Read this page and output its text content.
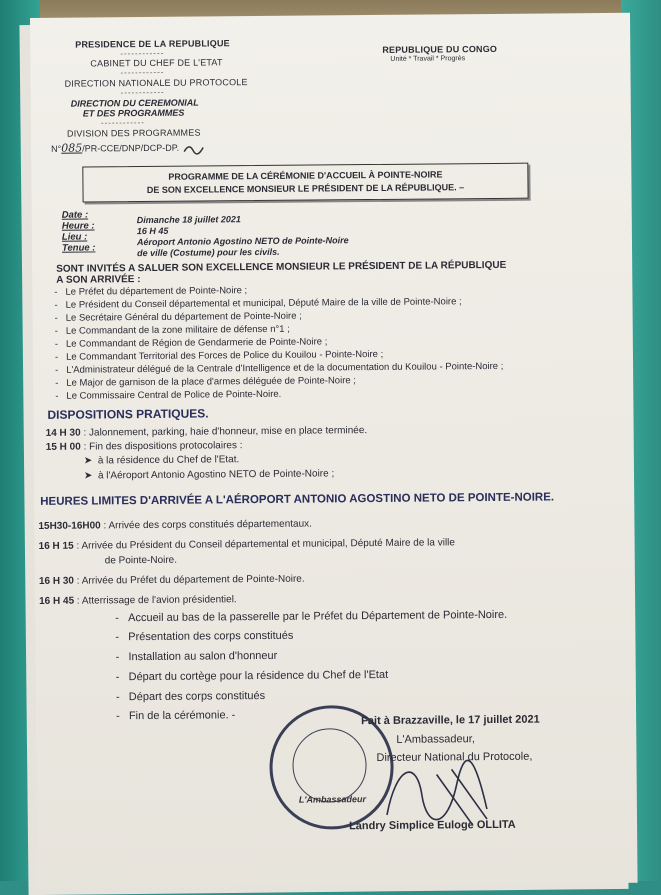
PRESIDENCE DE LA REPUBLIQUE
------------
CABINET DU CHEF DE L'ETAT
------------
DIRECTION NATIONALE DU PROTOCOLE
------------
DIRECTION DU CEREMONIAL
ET DES PROGRAMMES
------------
DIVISION DES PROGRAMMES
N°085/PR-CCE/DNP/DCP-DP.
REPUBLIQUE DU CONGO
Unité * Travail * Progrès
PROGRAMME DE LA CÉRÉMONIE D'ACCUEIL À POINTE-NOIRE
DE SON EXCELLENCE MONSIEUR LE PRÉSIDENT DE LA RÉPUBLIQUE. –
Date :	Dimanche 18 juillet 2021
Heure :	16 H 45
Lieu :	Aéroport Antonio Agostino NETO de Pointe-Noire
Tenue :	de ville (Costume) pour les civils.
SONT INVITÉS A SALUER SON EXCELLENCE MONSIEUR LE PRÉSIDENT DE LA RÉPUBLIQUE
A SON ARRIVÉE :
-   Le Préfet du département de Pointe-Noire ;
-   Le Président du Conseil départemental et municipal, Député Maire de la ville de Pointe-Noire ;
-   Le Secrétaire Général du département de Pointe-Noire ;
-   Le Commandant de la zone militaire de défense n°1 ;
-   Le Commandant de Région de Gendarmerie de Pointe-Noire ;
-   Le Commandant Territorial des Forces de Police du Kouilou - Pointe-Noire ;
-   L'Administrateur délégué de la Centrale d'Intelligence et de la documentation du Kouilou - Pointe-Noire ;
-   Le Major de garnison de la place d'armes déléguée de Pointe-Noire ;
-   Le Commissaire Central de Police de Pointe-Noire.
DISPOSITIONS PRATIQUES.
14 H 30 : Jalonnement, parking, haie d'honneur, mise en place terminée.
15 H 00 : Fin des dispositions protocolaires :
➤  à la résidence du Chef de l'Etat.
➤  à l'Aéroport Antonio Agostino NETO de Pointe-Noire ;
HEURES LIMITES D'ARRIVÉE A L'AÉROPORT ANTONIO AGOSTINO NETO DE POINTE-NOIRE.
15H30-16H00 : Arrivée des corps constitués départementaux.
16 H 15 : Arrivée du Président du Conseil départemental et municipal, Député Maire de la ville
de Pointe-Noire.
16 H 30 : Arrivée du Préfet du département de Pointe-Noire.
16 H 45 : Atterrissage de l'avion présidentiel.
-   Accueil au bas de la passerelle par le Préfet du Département de Pointe-Noire.
-   Présentation des corps constitués
-   Installation au salon d'honneur
-   Départ du cortège pour la résidence du Chef de l'Etat
-   Départ des corps constitués
-   Fin de la cérémonie. -
L'Ambassadeur
Fait à Brazzaville, le 17 juillet 2021
L'Ambassadeur,
Directeur National du Protocole,
Landry Simplice Euloge OLLITA
